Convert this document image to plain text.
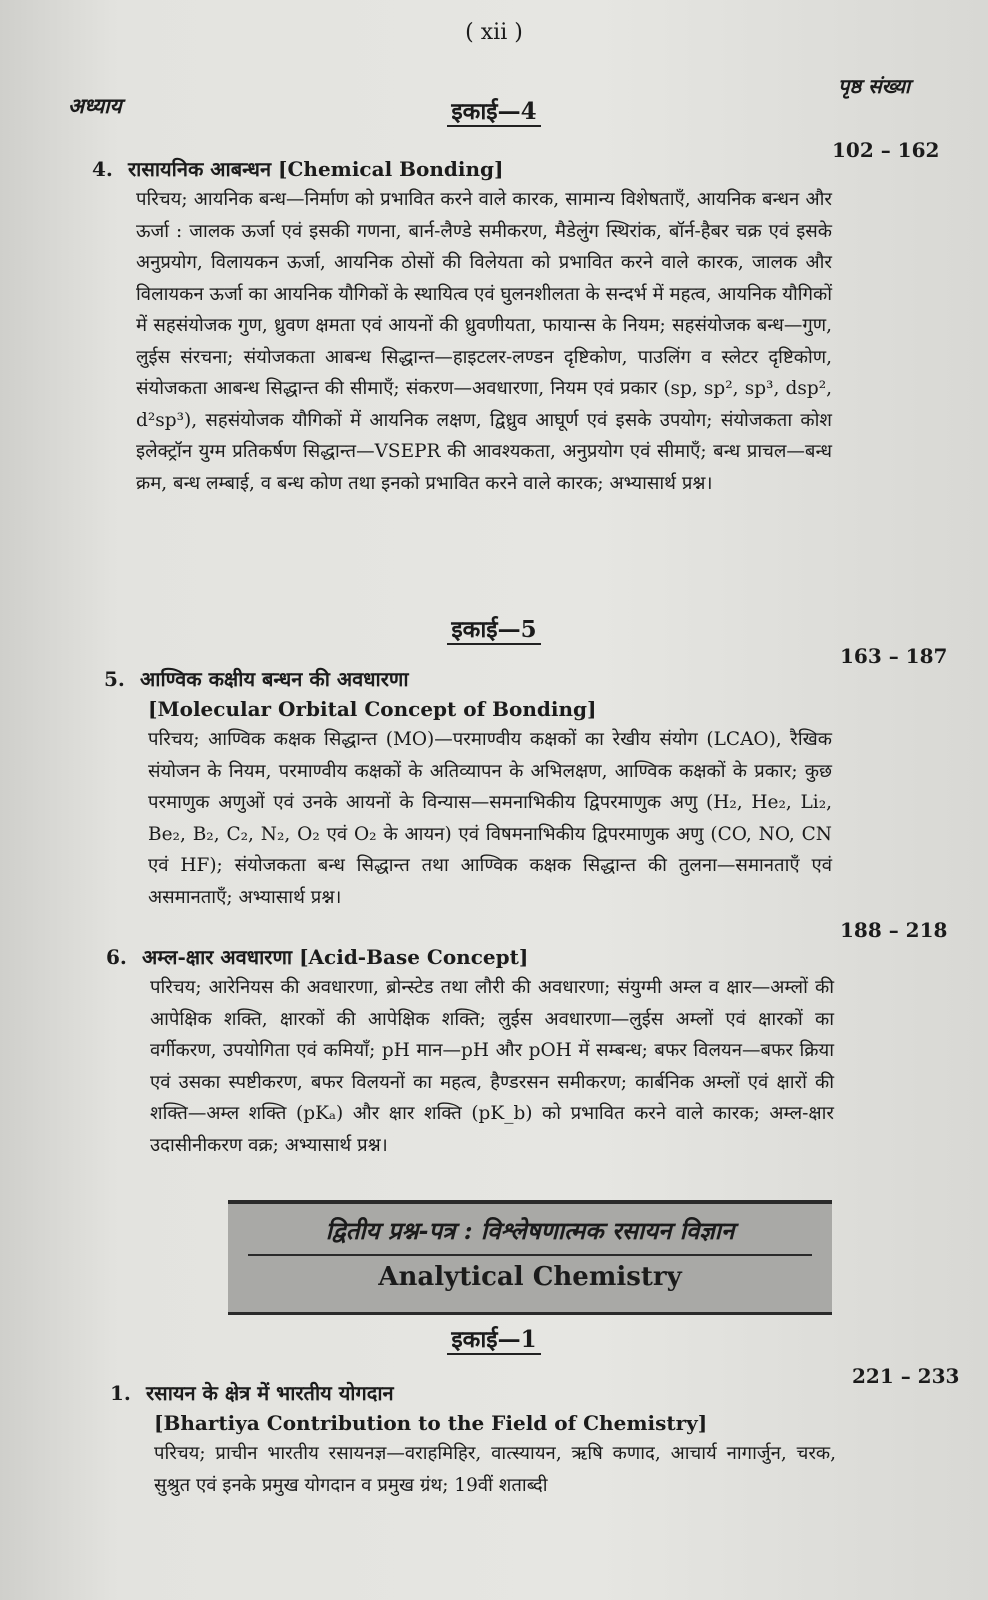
( xii )

अध्याय

पृष्ठ संख्या

इकाई—4

102 – 162

4. रासायनिक आबन्धन [Chemical Bonding]
परिचय; आयनिक बन्ध—निर्माण को प्रभावित करने वाले कारक, सामान्य विशेषताएँ, आयनिक बन्धन और ऊर्जा : जालक ऊर्जा एवं इसकी गणना, बार्न-लैण्डे समीकरण, मैडेलुंग स्थिरांक, बॉर्न-हैबर चक्र एवं इसके अनुप्रयोग, विलायकन ऊर्जा, आयनिक ठोसों की विलेयता को प्रभावित करने वाले कारक, जालक और विलायकन ऊर्जा का आयनिक यौगिकों के स्थायित्व एवं घुलनशीलता के सन्दर्भ में महत्व, आयनिक यौगिकों में सहसंयोजक गुण, ध्रुवण क्षमता एवं आयनों की ध्रुवणीयता, फायान्स के नियम; सहसंयोजक बन्ध—गुण, लुईस संरचना; संयोजकता आबन्ध सिद्धान्त—हाइटलर-लण्डन दृष्टिकोण, पाउलिंग व स्लेटर दृष्टिकोण, संयोजकता आबन्ध सिद्धान्त की सीमाएँ; संकरण—अवधारणा, नियम एवं प्रकार (sp, sp², sp³, dsp², d²sp³), सहसंयोजक यौगिकों में आयनिक लक्षण, द्विध्रुव आघूर्ण एवं इसके उपयोग; संयोजकता कोश इलेक्ट्रॉन युग्म प्रतिकर्षण सिद्धान्त—VSEPR की आवश्यकता, अनुप्रयोग एवं सीमाएँ; बन्ध प्राचल—बन्ध क्रम, बन्ध लम्बाई, व बन्ध कोण तथा इनको प्रभावित करने वाले कारक; अभ्यासार्थ प्रश्न।

इकाई—5

163 – 187

5. आण्विक कक्षीय बन्धन की अवधारणा
[Molecular Orbital Concept of Bonding]
परिचय; आण्विक कक्षक सिद्धान्त (MO)—परमाण्वीय कक्षकों का रेखीय संयोग (LCAO), रैखिक संयोजन के नियम, परमाण्वीय कक्षकों के अतिव्यापन के अभिलक्षण, आण्विक कक्षकों के प्रकार; कुछ परमाणुक अणुओं एवं उनके आयनों के विन्यास—समनाभिकीय द्विपरमाणुक अणु (H₂, He₂, Li₂, Be₂, B₂, C₂, N₂, O₂ एवं O₂ के आयन) एवं विषमनाभिकीय द्विपरमाणुक अणु (CO, NO, CN एवं HF); संयोजकता बन्ध सिद्धान्त तथा आण्विक कक्षक सिद्धान्त की तुलना—समानताएँ एवं असमानताएँ; अभ्यासार्थ प्रश्न।

188 – 218

6. अम्ल-क्षार अवधारणा [Acid-Base Concept]
परिचय; आरेनियस की अवधारणा, ब्रोन्स्टेड तथा लौरी की अवधारणा; संयुग्मी अम्ल व क्षार—अम्लों की आपेक्षिक शक्ति, क्षारकों की आपेक्षिक शक्ति; लुईस अवधारणा—लुईस अम्लों एवं क्षारकों का वर्गीकरण, उपयोगिता एवं कमियाँ; pH मान—pH और pOH में सम्बन्ध; बफर विलयन—बफर क्रिया एवं उसका स्पष्टीकरण, बफर विलयनों का महत्व, हैण्डरसन समीकरण; कार्बनिक अम्लों एवं क्षारों की शक्ति—अम्ल शक्ति (pKₐ) और क्षार शक्ति (pK_b) को प्रभावित करने वाले कारक; अम्ल-क्षार उदासीनीकरण वक्र; अभ्यासार्थ प्रश्न।
द्वितीय प्रश्न-पत्र : विश्लेषणात्मक रसायन विज्ञान
Analytical Chemistry

इकाई—1

221 – 233

1. रसायन के क्षेत्र में भारतीय योगदान
[Bhartiya Contribution to the Field of Chemistry]
परिचय; प्राचीन भारतीय रसायनज्ञ—वराहमिहिर, वात्स्यायन, ऋषि कणाद, आचार्य नागार्जुन, चरक, सुश्रुत एवं इनके प्रमुख योगदान व प्रमुख ग्रंथ; 19वीं शताब्दी
